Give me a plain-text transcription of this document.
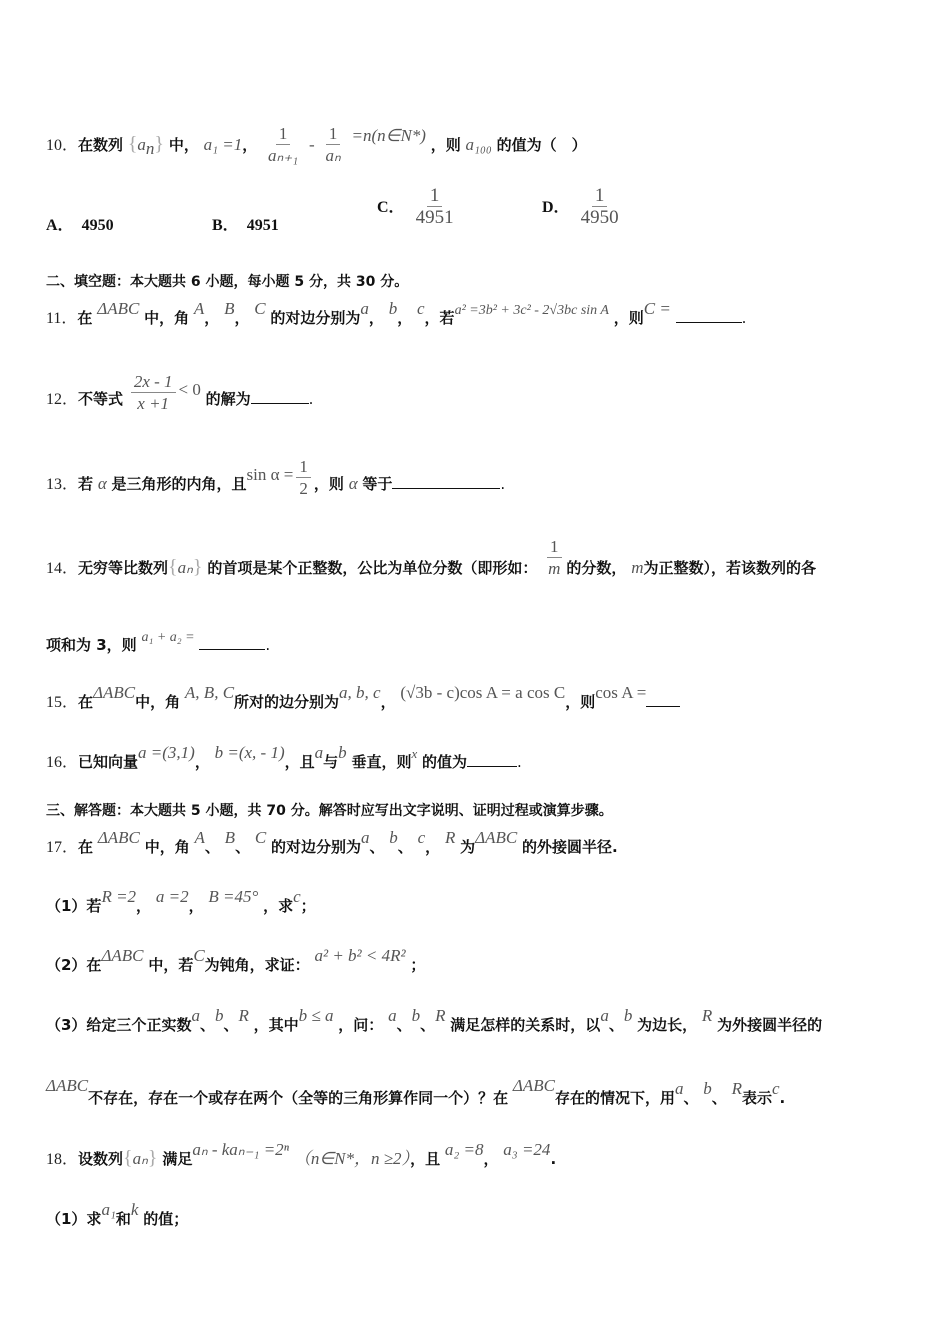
10．在数列 $\{a_n\}$ 中， a₁ =1， $\frac{1}{\text{aₙ₊₁}} - \frac{1}{\text{aₙ}}$ =n(n∈N*) ，则 a₁₀₀ 的值为（　）
A． 4950	B． 4951
C． $\frac{1}{4951}$	D． $\frac{1}{4950}$
二、填空题：本大题共 6 小题，每小题 5 分，共 30 分。
11．在 ΔABC 中，角 A， B， C 的对边分别为a， b， c，若a² =3b² + 3c² - 2√3bc sin A ，则C =	.
12．不等式 $\frac{2x - 1}{x +1} < 0$ 的解为	.
13．若 α 是三角形的内角，且$\sin \alpha = \frac{1}{2}$ ，则 α 等于	.
14．无穷等比数列{aₙ} 的首项是某个正整数，公比为单位分数（即形如： $\frac{1}{m}$ 的分数， m为正整数），若该数列的各
项和为 3，则 a₁ + a₂ =	.
15．在ΔABC中，角 A, B, C所对的边分别为a, b, c， (√3b - c)cos A = a cos C，则cos A =
16．已知向量a =(3,1)， b =(x, - 1)，且a与b 垂直，则x 的值为	.
三、解答题：本大题共 5 小题，共 70 分。解答时应写出文字说明、证明过程或演算步骤。
17．在 ΔABC 中，角 A、 B、 C 的对边分别为a、 b、 c， R 为ΔABC 的外接圆半径.
（1）若R =2， a =2， B =45° ，求c；
（2）在ΔABC 中，若C为钝角，求证： a² + b² < 4R² ；
（3）给定三个正实数a、b、R ，其中b ≤ a ，问： a、b、R 满足怎样的关系时，以a、b 为边长， R 为外接圆半径的
ΔABC不存在，存在一个或存在两个（全等的三角形算作同一个）？在 ΔABC存在的情况下，用a、 b、 R表示c.
18．设数列{aₙ} 满足aₙ - kaₙ₋₁ =2ⁿ （n∈N*，n ≥2），且 a₂ =8， a₃ =24.
（1）求a₁和k 的值；
